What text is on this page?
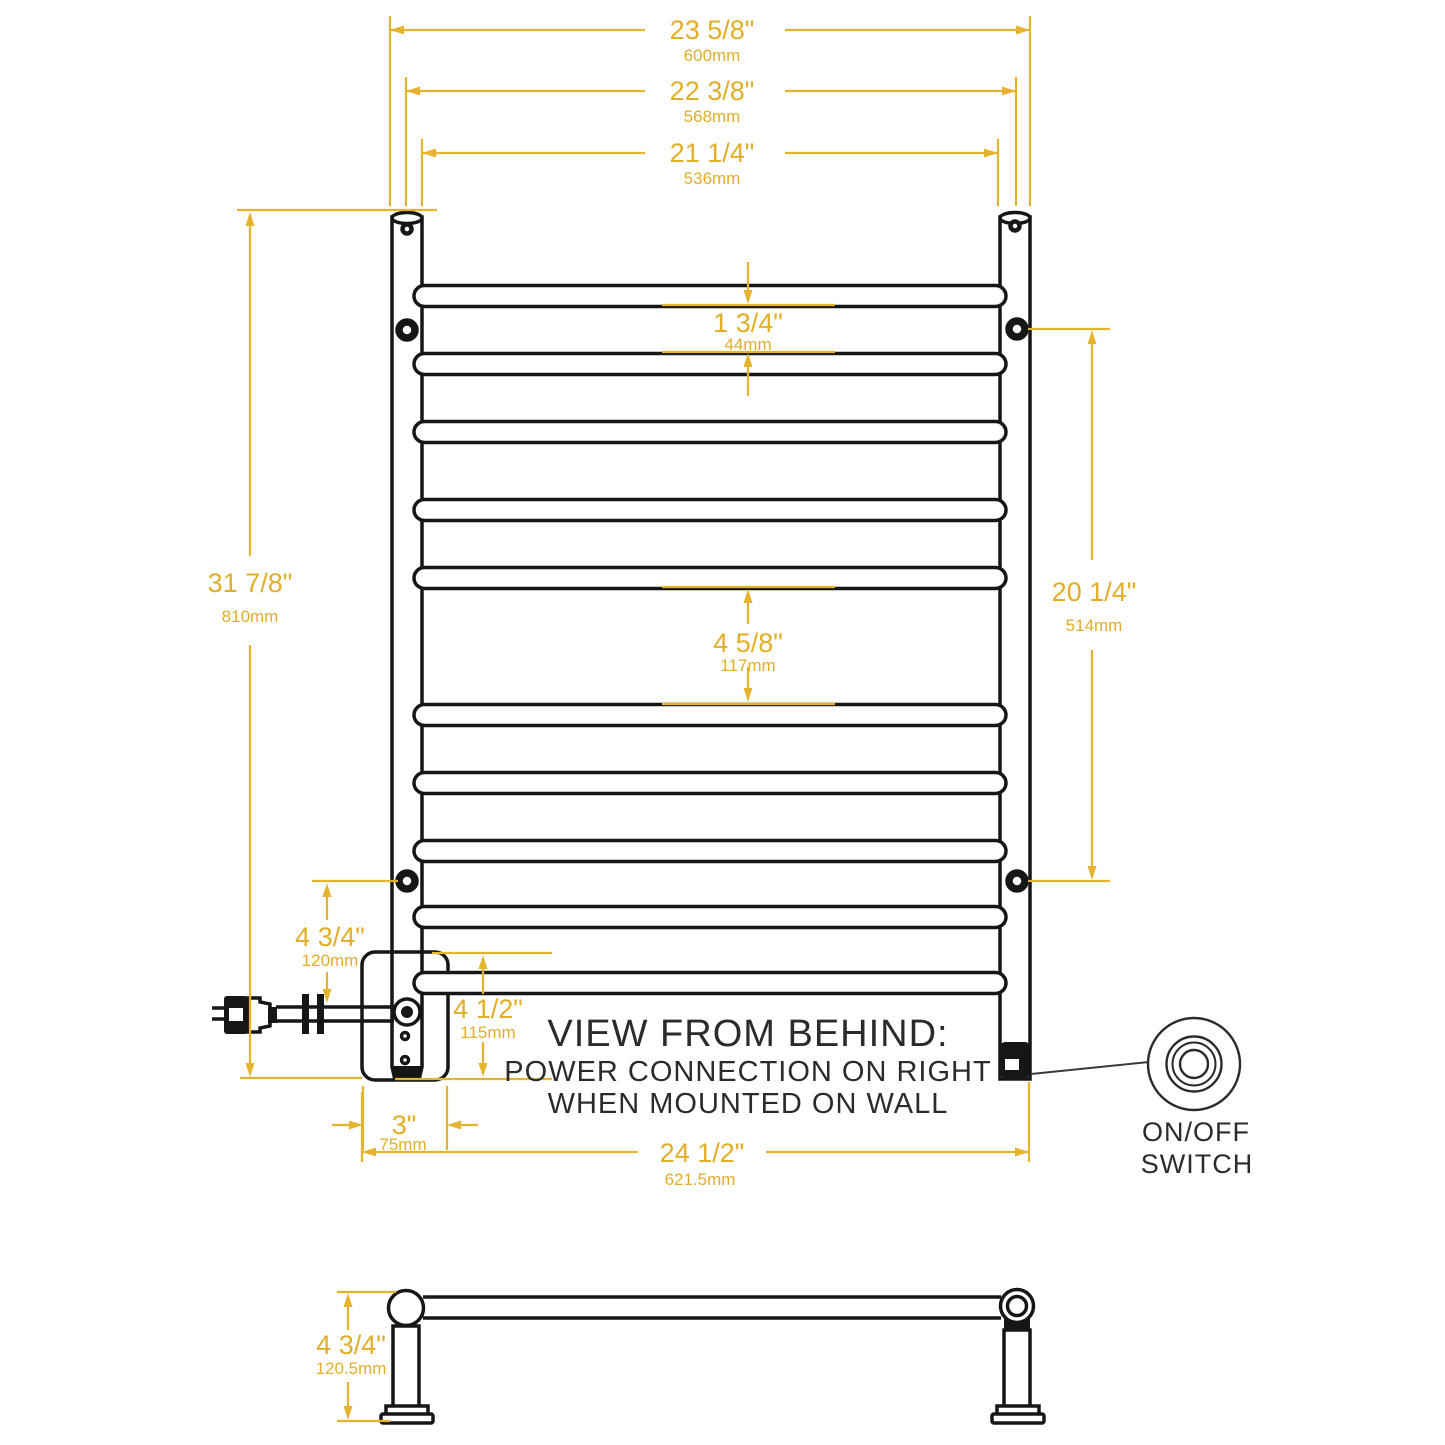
ON/OFF
SWITCH
23 5/8"
600mm
22 3/8"
568mm
21 1/4"
536mm
31 7/8"
810mm
20 1/4"
514mm
1 3/4"
44mm
4 5/8"
117mm
4 3/4"
120mm
4 1/2"
115mm
3"
75mm	24 1/2"
621.5mm
4 3/4"
120.5mm
VIEW FROM BEHIND:
POWER CONNECTION ON RIGHT
WHEN MOUNTED ON WALL
